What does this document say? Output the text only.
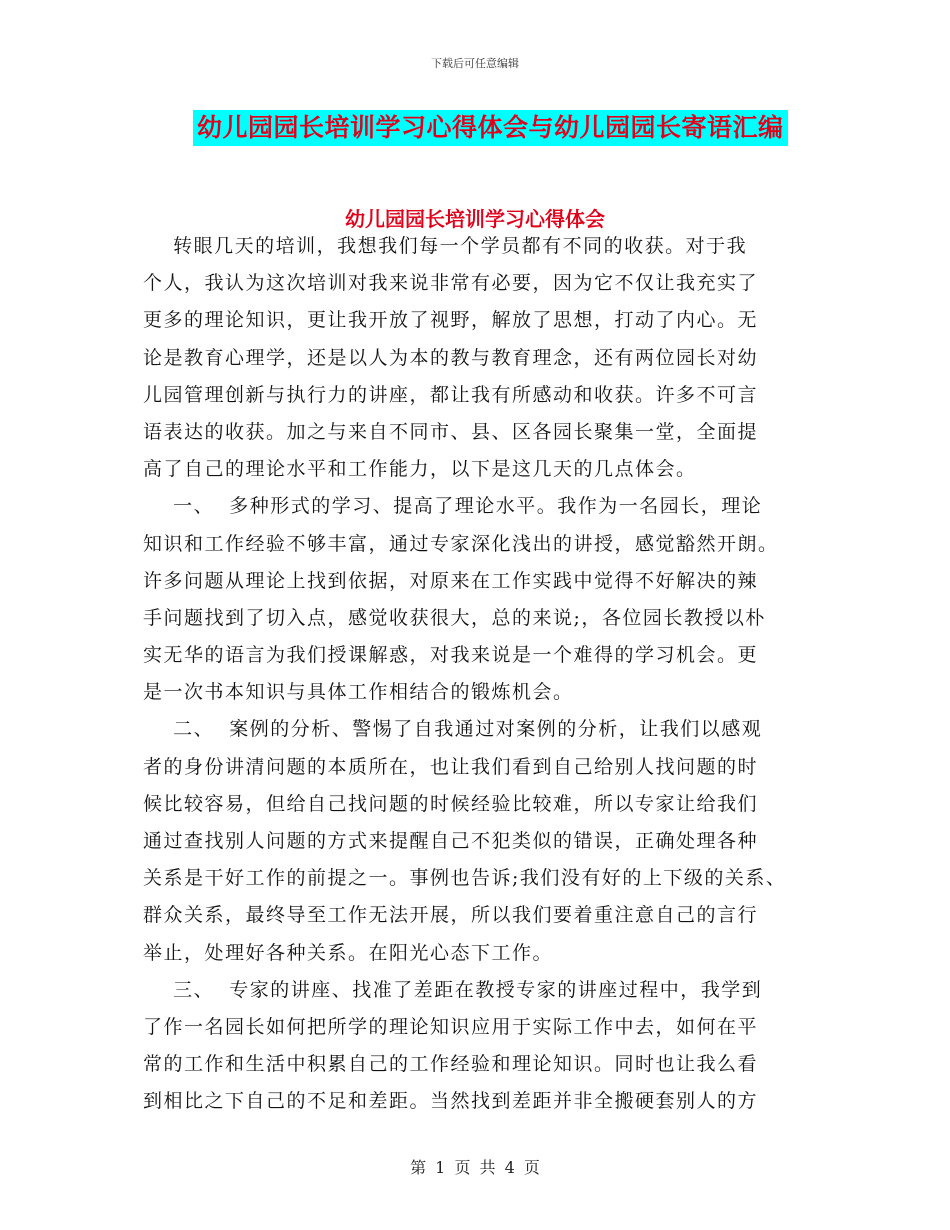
下载后可任意编辑
幼儿园园长培训学习心得体会与幼儿园园长寄语汇编
幼儿园园长培训学习心得体会
转眼几天的培训，我想我们每一个学员都有不同的收获。对于我
个人，我认为这次培训对我来说非常有必要，因为它不仅让我充实了
更多的理论知识，更让我开放了视野，解放了思想，打动了内心。无
论是教育心理学，还是以人为本的教与教育理念，还有两位园长对幼
儿园管理创新与执行力的讲座，都让我有所感动和收获。许多不可言
语表达的收获。加之与来自不同市、县、区各园长聚集一堂，全面提
高了自己的理论水平和工作能力，以下是这几天的几点体会。
一、  多种形式的学习、提高了理论水平。我作为一名园长，理论
知识和工作经验不够丰富，通过专家深化浅出的讲授，感觉豁然开朗。
许多问题从理论上找到依据，对原来在工作实践中觉得不好解决的辣
手问题找到了切入点，感觉收获很大，总的来说;，各位园长教授以朴
实无华的语言为我们授课解惑，对我来说是一个难得的学习机会。更
是一次书本知识与具体工作相结合的锻炼机会。
二、  案例的分析、警惕了自我通过对案例的分析，让我们以感观
者的身份讲清问题的本质所在，也让我们看到自己给别人找问题的时
候比较容易，但给自己找问题的时候经验比较难，所以专家让给我们
通过查找别人问题的方式来提醒自己不犯类似的错误，正确处理各种
关系是干好工作的前提之一。事例也告诉;我们没有好的上下级的关系、
群众关系，最终导至工作无法开展，所以我们要着重注意自己的言行
举止，处理好各种关系。在阳光心态下工作。
三、  专家的讲座、找准了差距在教授专家的讲座过程中，我学到
了作一名园长如何把所学的理论知识应用于实际工作中去，如何在平
常的工作和生活中积累自己的工作经验和理论知识。同时也让我么看
到相比之下自己的不足和差距。当然找到差距并非全搬硬套别人的方
第 1 页 共 4 页
